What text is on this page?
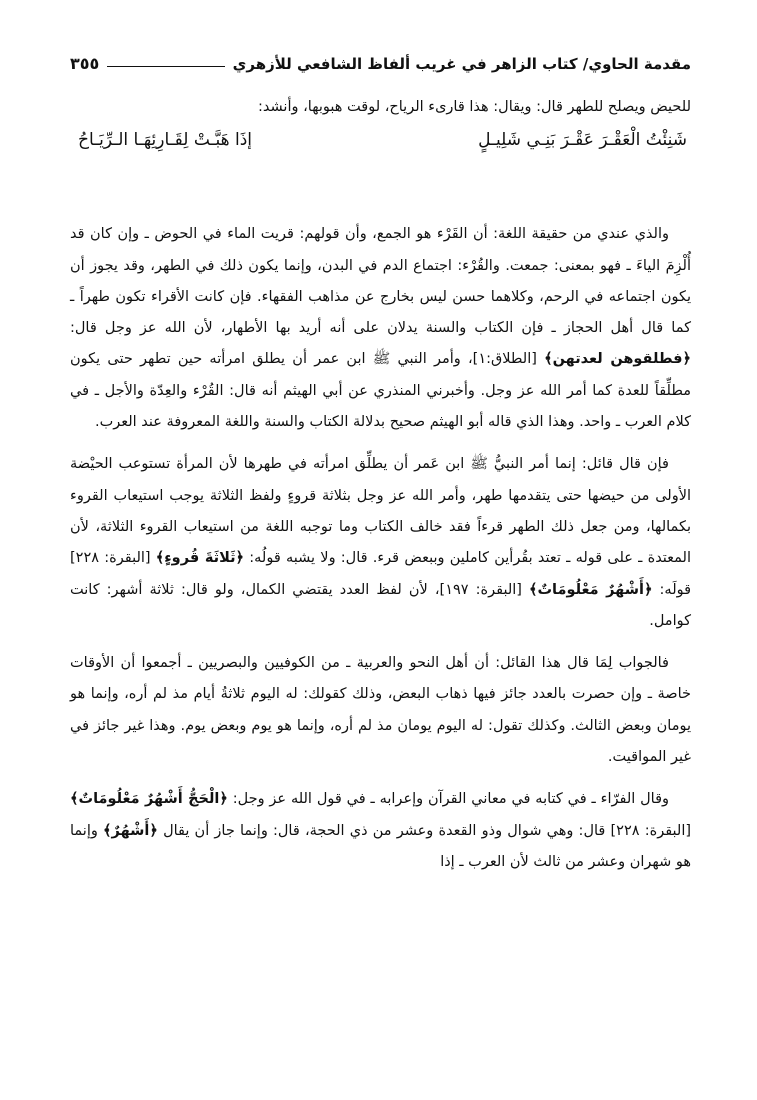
مقدمة الحاوي/ كتاب الزاهر في غريب ألفاظ الشافعي للأزهري
٣٥٥

للحيض ويصلح للطهر قال: ويقال: هذا قارىء الرياح، لوقت هبوبها، وأنشد:

شَنِئْتُ الْعَقْـرَ عَقْـرَ بَنِـي شَلِيـلٍ
إذَا هَبَّـتْ لِقَـارِئِهَـا الـرِّيَـاحُ

والذي عندي من حقيقة اللغة: أن القَرْء هو الجمع، وأن قولهم: قريت الماء في الحوض ـ وإن كان قد أُلْزِمَ الياءَ ـ فهو بمعنى: جمعت. والقُرْء: اجتماع الدم في البدن، وإنما يكون ذلك في الطهر، وقد يجوز أن يكون اجتماعه في الرحم، وكلاهما حسن ليس بخارج عن مذاهب الفقهاء. فإن كانت الأقراء تكون طهراً ـ كما قال أهل الحجاز ـ فإن الكتاب والسنة يدلان على أنه أريد بها الأطهار، لأن الله عز وجل قال: ﴿فطلقوهن لعدتهن﴾ [الطلاق:١]، وأمر النبي ﷺ ابن عمر أن يطلق امرأته حين تطهر حتى يكون مطلِّقاً للعدة كما أمر الله عز وجل. وأخبرني المنذري عن أبي الهيثم أنه قال: القُرْء والعِدّة والأجل ـ في كلام العرب ـ واحد. وهذا الذي قاله أبو الهيثم صحيح بدلالة الكتاب والسنة واللغة المعروفة عند العرب.

فإن قال قائل: إنما أمر النبيُّ ﷺ ابن عَمر أن يطلِّق امرأته في طهرها لأن المرأة تستوعب الحيْضة الأولى من حيضها حتى يتقدمها طهر، وأمر الله عز وجل بثلاثة قروءٍ ولفظ الثلاثة يوجب استيعاب القروء بكمالها، ومن جعل ذلك الطهر قرءاً فقد خالف الكتاب وما توجبه اللغة من استيعاب القروء الثلاثة، لأن المعتدة ـ على قوله ـ تعتد بقُرأين كاملين وببعض قرء. قال: ولا يشبه قولُه: ﴿ثَلاثَةَ قُروءٍ﴾ [البقرة: ٢٢٨] قولَه: ﴿أَشْهُرٌ مَعْلُومَاتٌ﴾ [البقرة: ١٩٧]، لأن لفظ العدد يقتضي الكمال، ولو قال: ثلاثة أشهر: كانت كوامل.

فالجواب لِمَا قال هذا القائل: أن أهل النحو والعربية ـ من الكوفيين والبصريين ـ أجمعوا أن الأوقات خاصة ـ وإن حصرت بالعدد جائز فيها ذهاب البعض، وذلك كقولك: له اليوم ثلاثةُ أيام مذ لم أره، وإنما هو يومان وبعض الثالث. وكذلك تقول: له اليوم يومان مذ لم أره، وإنما هو يوم وبعض يوم. وهذا غير جائز في غير المواقيت.

وقال الفرّاء ـ في كتابه في معاني القرآن وإعرابه ـ في قول الله عز وجل: ﴿الْحَجُّ أَشْهُرٌ مَعْلُومَاتٌ﴾ [البقرة: ٢٢٨] قال: وهي شوال وذو القعدة وعشر من ذي الحجة، قال: وإنما جاز أن يقال ﴿أَشْهُرٌ﴾ وإنما هو شهران وعشر من ثالث لأن العرب ـ إذا
